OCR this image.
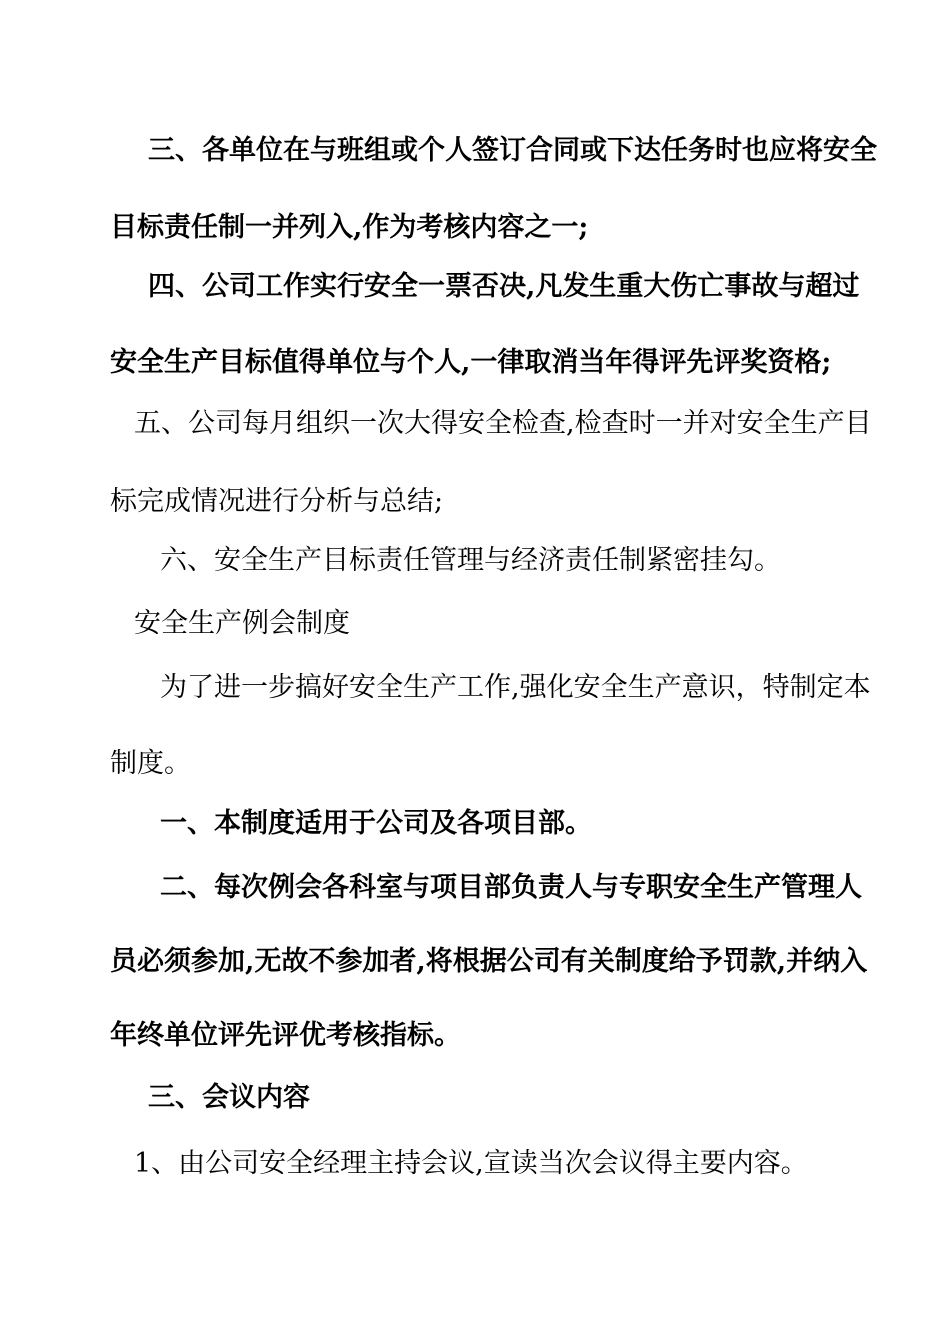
三、各单位在与班组或个人签订合同或下达任务时也应将安全
目标责任制一并列入,作为考核内容之一;
四、公司工作实行安全一票否决,凡发生重大伤亡事故与超过
安全生产目标值得单位与个人,一律取消当年得评先评奖资格;
五、公司每月组织一次大得安全检查,检查时一并对安全生产目
标完成情况进行分析与总结;
六、安全生产目标责任管理与经济责任制紧密挂勾。
安全生产例会制度
为了进一步搞好安全生产工作,强化安全生产意识，特制定本
制度。
一、本制度适用于公司及各项目部。
二、每次例会各科室与项目部负责人与专职安全生产管理人
员必须参加,无故不参加者,将根据公司有关制度给予罚款,并纳入
年终单位评先评优考核指标。
三、会议内容
1、由公司安全经理主持会议,宣读当次会议得主要内容。
